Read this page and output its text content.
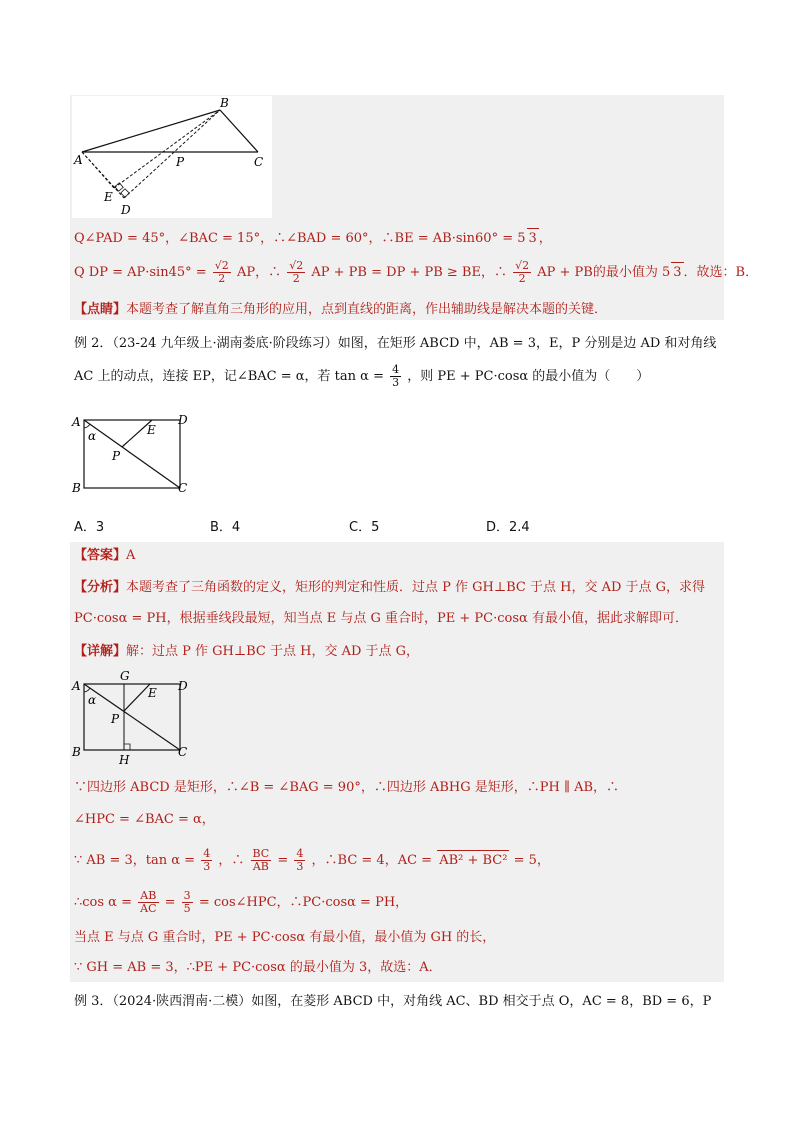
A
B
C
P
E
D
Q∠PAD = 45°，∠BAC = 15°，∴∠BAD = 60°，∴BE = AB·sin60° = 5 3 ，
Q DP = $AP\cdot\sin 45^\circ = \frac{√2}{2}$ AP，∴ $\frac{√2}{2}$ AP + PB = DP + PB ≥ BE，∴ $\frac{√2}{2}$ AP + PB的最小值为 5 3 ．故选：B．
【点睛】本题考查了解直角三角形的应用，点到直线的距离，作出辅助线是解决本题的关键．
例 2．（23-24 九年级上·湖南娄底·阶段练习）如图，在矩形 ABCD 中，AB = 3，E，P 分别是边 AD 和对角线
AC 上的动点，连接 EP，记∠BAC = α，若 $\tan \alpha = \frac{4}{3}$ ，则 PE + PC·cosα 的最小值为（　　）
A
B	C
D
E
P
α
A．3	B．4	C．5	D．2.4
【答案】A
【分析】本题考查了三角函数的定义，矩形的判定和性质．过点 P 作 GH⊥BC 于点 H，交 AD 于点 G，求得
PC·cosα = PH，根据垂线段最短，知当点 E 与点 G 重合时，PE + PC·cosα 有最小值，据此求解即可．
【详解】解：过点 P 作 GH⊥BC 于点 H，交 AD 于点 G，
A
B	C
D
E
P
G
H
α
∵四边形 ABCD 是矩形，∴∠B = ∠BAG = 90°，∴四边形 ABHG 是矩形，∴PH ∥ AB，∴
∠HPC = ∠BAC = α，
∵ AB = 3，$\tan \alpha = \frac{4}{3}$ ，∴ $\frac{BC}{AB} = \frac{4}{3}$ ，∴BC = 4，AC = AB² + BC² = 5，
∴cos $\alpha = \frac{AB}{AC} = \frac{3}{5}$ = cos∠HPC，∴PC·cosα = PH，
当点 E 与点 G 重合时，PE + PC·cosα 有最小值，最小值为 GH 的长，
∵ GH = AB = 3，∴PE + PC·cosα 的最小值为 3，故选：A．
例 3．（2024·陕西渭南·二模）如图，在菱形 ABCD 中，对角线 AC、BD 相交于点 O，AC = 8，BD = 6，P
